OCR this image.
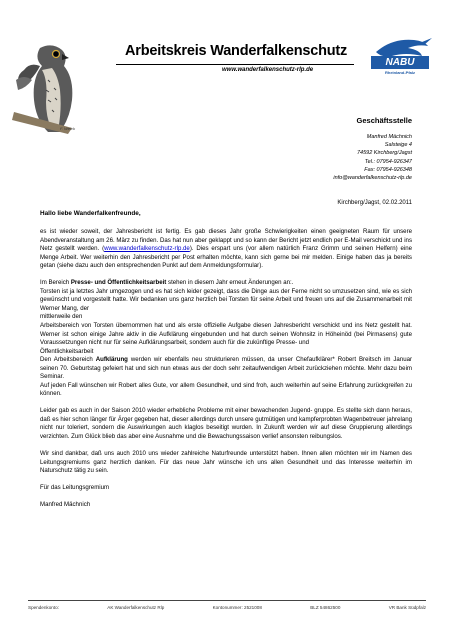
F. Weick
Arbeitskreis Wanderfalkenschutz
www.wanderfalkenschutz-rlp.de
NABU
Rheinland-Pfalz
Geschäftsstelle
Manfred Mächnich
Salsteige 4
74592 Kirchberg/Jagst
Tel.: 07954-926347
Fax: 07954-926348
info@wanderfalkenschutz-rlp.de
Kirchberg/Jagst, 02.02.2011
Hallo liebe Wanderfalkenfreunde,

es ist wieder soweit, der Jahresbericht ist fertig. Es gab dieses Jahr große Schwierigkeiten einen geeigneten Raum für unsere Abendveranstaltung am 26. März zu finden. Das hat nun aber geklappt und so kann der Bericht jetzt endlich per E-Mail verschickt und ins Netz gestellt werden. (www.wanderfalkenschutz-rlp.de). Dies erspart uns (vor allem natürlich Franz Grimm und seinen Helfern) eine Menge Arbeit. Wer weiterhin den Jahresbericht per Post erhalten möchte, kann sich gerne bei mir melden. Einige haben das ja bereits getan (siehe dazu auch den entsprechenden Punkt auf dem Anmeldungsformular).

Im Bereich Presse- und Öffentlichkeitsarbeit stehen in diesem Jahr erneut Änderungen an:.
Torsten ist ja letztes Jahr umgezogen und es hat sich leider gezeigt, dass die Dinge aus der Ferne nicht so umzusetzen sind, wie es sich gewünscht und vorgestellt hatte. Wir bedanken uns ganz herzlich bei Torsten für seine Arbeit und freuen uns auf die Zusammenarbeit mit Werner Mang, der
mittlerweile den
Arbeitsbereich von Torsten übernommen hat und als erste offizielle Aufgabe diesen Jahresbericht verschickt und ins Netz gestellt hat. Werner ist schon einige Jahre aktiv in die Aufklärung eingebunden und hat durch seinen Wohnsitz in Höheinöd (bei Pirmasens) gute Voraussetzungen nicht nur für seine Aufklärungsarbeit, sondern auch für die zukünftige Presse- und
Öffentlichkeitsarbeit
Den Arbeitsbereich Aufklärung werden wir ebenfalls neu strukturieren müssen, da unser Chefaufklärer* Robert Breitsch im Januar seinen 70. Geburtstag gefeiert hat und sich nun etwas aus der doch sehr zeitaufwendigen Arbeit zurückziehen möchte. Mehr dazu beim Seminar.
Auf jeden Fall wünschen wir Robert alles Gute, vor allem Gesundheit, und sind froh, auch weiterhin auf seine Erfahrung zurückgreifen zu können.

Leider gab es auch in der Saison 2010 wieder erhebliche Probleme mit einer bewachenden Jugend- gruppe. Es stellte sich dann heraus, daß es hier schon länger für Ärger gegeben hat, dieser allerdings durch unsere gutmütigen und kampferprobten Wagenbetreuer jahrelang nicht nur toleriert, sondern die Auswirkungen auch klaglos beseitigt wurden. In Zukunft werden wir auf diese Gruppierung allerdings verzichten. Zum Glück blieb das aber eine Ausnahme und die Bewachungssaison verlief ansonsten reibungslos.

Wir sind dankbar, daß uns auch 2010 uns wieder zahlreiche Naturfreunde unterstützt haben. Ihnen allen möchten wir im Namen des Leitungsgremiums ganz herzlich danken. Für das neue Jahr wünsche ich uns allen Gesundheit und das Interesse weiterhin im Naturschutz tätig zu sein.

Für das Leitungsgremium

Manfred Mächnich

Spendenkonto:	AK Wanderfalkenschutz Rlp	Kontonummer: 2521008	BLZ 54862500	VR Bank Südpfalz
